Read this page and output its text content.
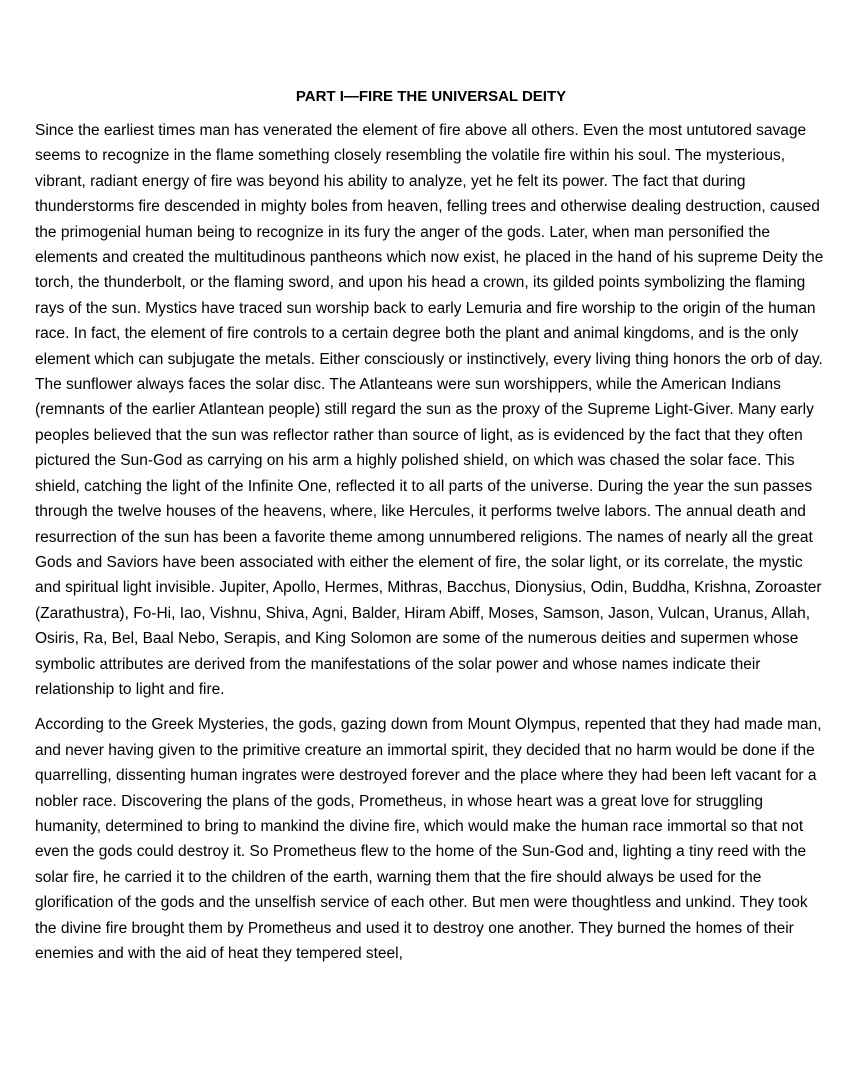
PART I—FIRE THE UNIVERSAL DEITY

Since the earliest times man has venerated the element of fire above all others. Even the most untutored savage seems to recognize in the flame something closely resembling the volatile fire within his soul. The mysterious, vibrant, radiant energy of fire was beyond his ability to analyze, yet he felt its power. The fact that during thunderstorms fire descended in mighty boles from heaven, felling trees and otherwise dealing destruction, caused the primogenial human being to recognize in its fury the anger of the gods. Later, when man personified the elements and created the multitudinous pantheons which now exist, he placed in the hand of his supreme Deity the torch, the thunderbolt, or the flaming sword, and upon his head a crown, its gilded points symbolizing the flaming rays of the sun. Mystics have traced sun worship back to early Lemuria and fire worship to the origin of the human race. In fact, the element of fire controls to a certain degree both the plant and animal kingdoms, and is the only element which can subjugate the metals. Either consciously or instinctively, every living thing honors the orb of day. The sunflower always faces the solar disc. The Atlanteans were sun worshippers, while the American Indians (remnants of the earlier Atlantean people) still regard the sun as the proxy of the Supreme Light-Giver. Many early peoples believed that the sun was reflector rather than source of light, as is evidenced by the fact that they often pictured the Sun-God as carrying on his arm a highly polished shield, on which was chased the solar face. This shield, catching the light of the Infinite One, reflected it to all parts of the universe. During the year the sun passes through the twelve houses of the heavens, where, like Hercules, it performs twelve labors. The annual death and resurrection of the sun has been a favorite theme among unnumbered religions. The names of nearly all the great Gods and Saviors have been associated with either the element of fire, the solar light, or its correlate, the mystic and spiritual light invisible. Jupiter, Apollo, Hermes, Mithras, Bacchus, Dionysius, Odin, Buddha, Krishna, Zoroaster (Zarathustra), Fo-Hi, Iao, Vishnu, Shiva, Agni, Balder, Hiram Abiff, Moses, Samson, Jason, Vulcan, Uranus, Allah, Osiris, Ra, Bel, Baal Nebo, Serapis, and King Solomon are some of the numerous deities and supermen whose symbolic attributes are derived from the manifestations of the solar power and whose names indicate their relationship to light and fire.

According to the Greek Mysteries, the gods, gazing down from Mount Olympus, repented that they had made man, and never having given to the primitive creature an immortal spirit, they decided that no harm would be done if the quarrelling, dissenting human ingrates were destroyed forever and the place where they had been left vacant for a nobler race. Discovering the plans of the gods, Prometheus, in whose heart was a great love for struggling humanity, determined to bring to mankind the divine fire, which would make the human race immortal so that not even the gods could destroy it. So Prometheus flew to the home of the Sun-God and, lighting a tiny reed with the solar fire, he carried it to the children of the earth, warning them that the fire should always be used for the glorification of the gods and the unselfish service of each other. But men were thoughtless and unkind. They took the divine fire brought them by Prometheus and used it to destroy one another. They burned the homes of their enemies and with the aid of heat they tempered steel,
